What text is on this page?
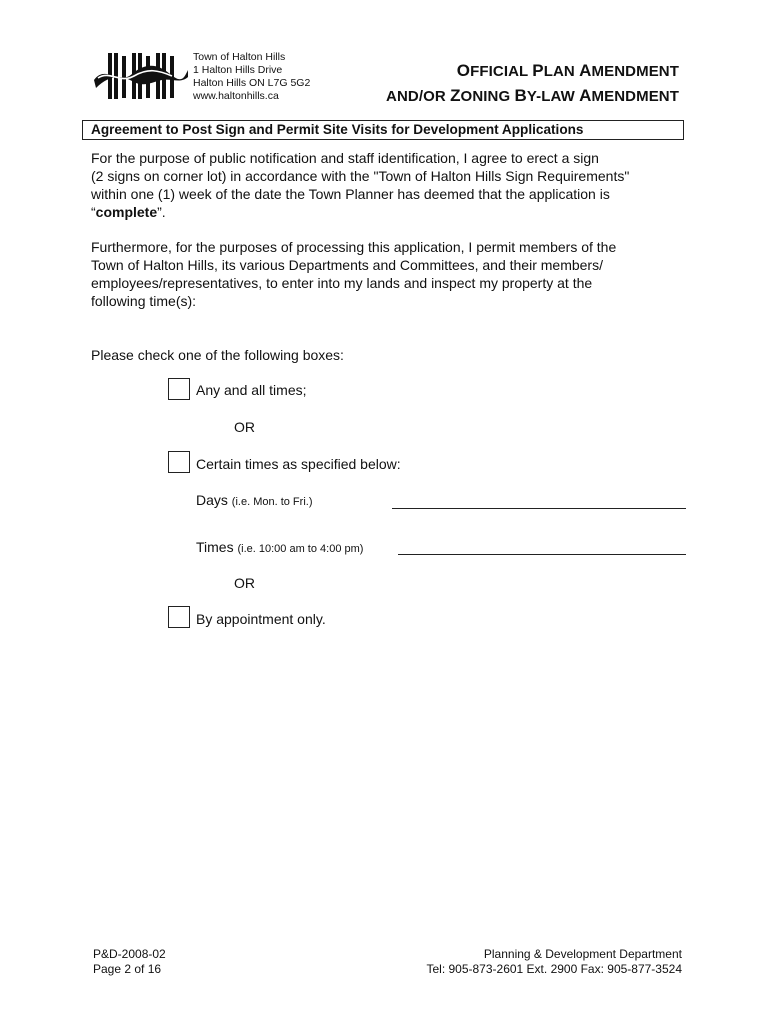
Town of Halton Hills
1 Halton Hills Drive
Halton Hills ON L7G 5G2
www.haltonhills.ca
OFFICIAL PLAN AMENDMENT
AND/OR ZONING BY-LAW AMENDMENT
Agreement to Post Sign and Permit Site Visits for Development Applications
For the purpose of public notification and staff identification, I agree to erect a sign
(2 signs on corner lot) in accordance with the "Town of Halton Hills Sign Requirements"
within one (1) week of the date the Town Planner has deemed that the application is
“complete”.
Furthermore, for the purposes of processing this application, I permit members of the
Town of Halton Hills, its various Departments and Committees, and their members/
employees/representatives, to enter into my lands and inspect my property at the
following time(s):
Please check one of the following boxes:
Any and all times;
OR
Certain times as specified below:
Days (i.e. Mon. to Fri.)
Times (i.e. 10:00 am to 4:00 pm)
OR
By appointment only.
P&D-2008-02
Page 2 of 16
Planning & Development Department
Tel: 905-873-2601 Ext. 2900 Fax: 905-877-3524
